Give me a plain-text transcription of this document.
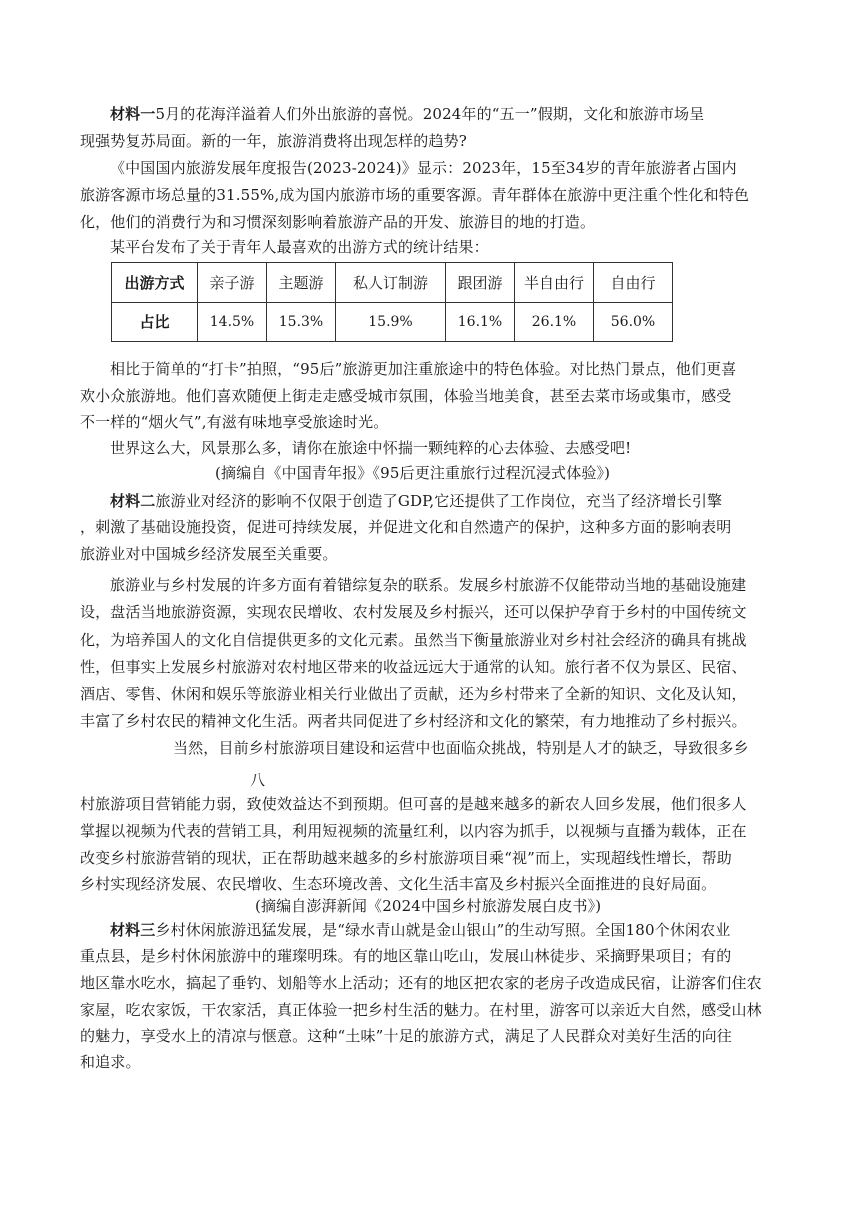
材料一5月的花海洋溢着人们外出旅游的喜悦。2024年的“五一”假期，文化和旅游市场呈
现强势复苏局面。新的一年，旅游消费将出现怎样的趋势?
《中国国内旅游发展年度报告(2023-2024)》显示：2023年，15至34岁的青年旅游者占国内
旅游客源市场总量的31.55%,成为国内旅游市场的重要客源。青年群体在旅游中更注重个性化和特色
化，他们的消费行为和习惯深刻影响着旅游产品的开发、旅游目的地的打造。
某平台发布了关于青年人最喜欢的出游方式的统计结果：
出游方式	亲子游	主题游	私人订制游	跟团游	半自由行	自由行
占比	14.5%	15.3%	15.9%	16.1%	26.1%	56.0%
相比于简单的“打卡”拍照，“95后”旅游更加注重旅途中的特色体验。对比热门景点，他们更喜
欢小众旅游地。他们喜欢随便上街走走感受城市氛围，体验当地美食，甚至去菜市场或集市，感受
不一样的“烟火气”,有滋有味地享受旅途时光。
世界这么大，风景那么多，请你在旅途中怀揣一颗纯粹的心去体验、去感受吧!
(摘编自《中国青年报》《95后更注重旅行过程沉浸式体验》)
材料二旅游业对经济的影响不仅限于创造了GDP,它还提供了工作岗位，充当了经济增长引擎
，刺激了基础设施投资，促进可持续发展，并促进文化和自然遗产的保护，这种多方面的影响表明
旅游业对中国城乡经济发展至关重要。
旅游业与乡村发展的许多方面有着错综复杂的联系。发展乡村旅游不仅能带动当地的基础设施建
设，盘活当地旅游资源，实现农民增收、农村发展及乡村振兴，还可以保护孕育于乡村的中国传统文
化，为培养国人的文化自信提供更多的文化元素。虽然当下衡量旅游业对乡村社会经济的确具有挑战
性，但事实上发展乡村旅游对农村地区带来的收益远远大于通常的认知。旅行者不仅为景区、民宿、
酒店、零售、休闲和娱乐等旅游业相关行业做出了贡献，还为乡村带来了全新的知识、文化及认知，
丰富了乡村农民的精神文化生活。两者共同促进了乡村经济和文化的繁荣，有力地推动了乡村振兴。
当然，目前乡村旅游项目建设和运营中也面临众挑战，特别是人才的缺乏，导致很多乡
八
村旅游项目营销能力弱，致使效益达不到预期。但可喜的是越来越多的新农人回乡发展，他们很多人
掌握以视频为代表的营销工具，利用短视频的流量红利，以内容为抓手，以视频与直播为载体，正在
改变乡村旅游营销的现状，正在帮助越来越多的乡村旅游项目乘“视”而上，实现超线性增长，帮助
乡村实现经济发展、农民增收、生态环境改善、文化生活丰富及乡村振兴全面推进的良好局面。
(摘编自澎湃新闻《2024中国乡村旅游发展白皮书》)
材料三乡村休闲旅游迅猛发展，是“绿水青山就是金山银山”的生动写照。全国180个休闲农业
重点县，是乡村休闲旅游中的璀璨明珠。有的地区靠山吃山，发展山林徒步、采摘野果项目；有的
地区靠水吃水，搞起了垂钓、划船等水上活动；还有的地区把农家的老房子改造成民宿，让游客们住农
家屋，吃农家饭，干农家活，真正体验一把乡村生活的魅力。在村里，游客可以亲近大自然，感受山林
的魅力，享受水上的清凉与惬意。这种“土味”十足的旅游方式，满足了人民群众对美好生活的向往
和追求。
